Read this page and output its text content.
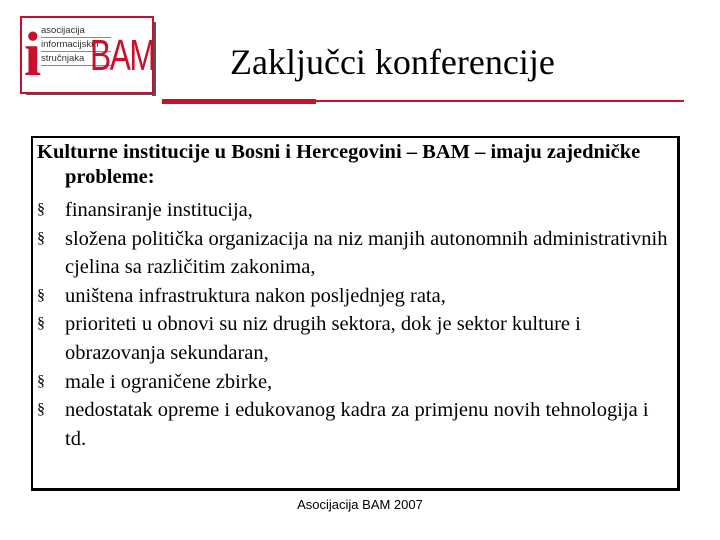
i asocijacija
informacijskih
stručnjaka BAM Zaključci konferencije
Kulturne institucije u Bosni i Hercegovini – BAM – imaju zajedničke probleme:
§ finansiranje institucija,
§ složena politička organizacija na niz manjih autonomnih administrativnih cjelina sa različitim zakonima,
§ uništena infrastruktura nakon posljednjeg rata,
§ prioriteti u obnovi su niz drugih sektora, dok je sektor kulture i obrazovanja sekundaran,
§ male i ograničene zbirke,
§ nedostatak opreme i edukovanog kadra za primjenu novih tehnologija i td.
Asocijacija BAM 2007
